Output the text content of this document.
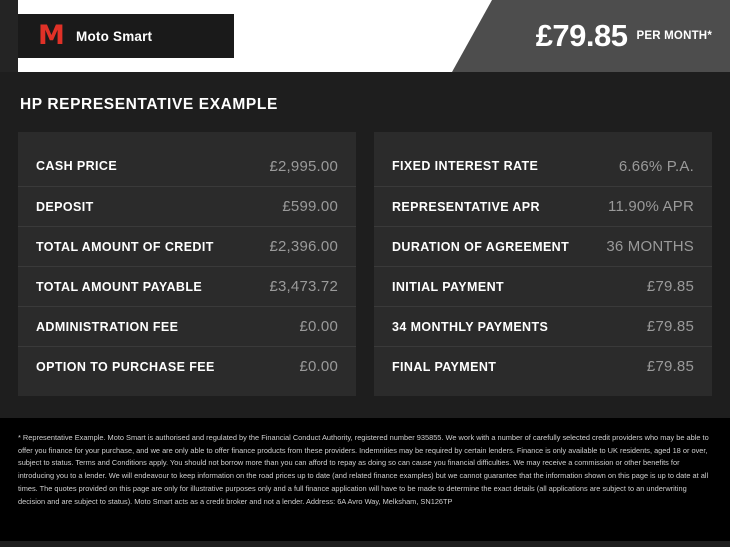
M Moto Smart	£79.85 PER MONTH*
HP REPRESENTATIVE EXAMPLE
CASH PRICE	£2,995.00
DEPOSIT	£599.00
TOTAL AMOUNT OF CREDIT	£2,396.00
TOTAL AMOUNT PAYABLE	£3,473.72
ADMINISTRATION FEE	£0.00
OPTION TO PURCHASE FEE	£0.00
FIXED INTEREST RATE	6.66% P.A.
REPRESENTATIVE APR	11.90% APR
DURATION OF AGREEMENT 36 MONTHS
INITIAL PAYMENT	£79.85
34 MONTHLY PAYMENTS	£79.85
FINAL PAYMENT	£79.85

* Representative Example. Moto Smart is authorised and regulated by the Financial Conduct Authority, registered number 935855. We work with a number of carefully selected credit providers who may be able to offer you finance for your purchase, and we are only able to offer finance products from these providers. Indemnities may be required by certain lenders. Finance is only available to UK residents, aged 18 or over, subject to status. Terms and Conditions apply. You should not borrow more than you can afford to repay as doing so can cause you financial difficulties. We may receive a commission or other benefits for introducing you to a lender. We will endeavour to keep information on the road prices up to date (and related finance examples) but we cannot guarantee that the information shown on this page is up to date at all times. The quotes provided on this page are only for illustrative purposes only and a full finance application will have to be made to determine the exact details (all applications are subject to an underwriting decision and are subject to status). Moto Smart acts as a credit broker and not a lender. Address: 6A Avro Way, Melksham, SN126TP
